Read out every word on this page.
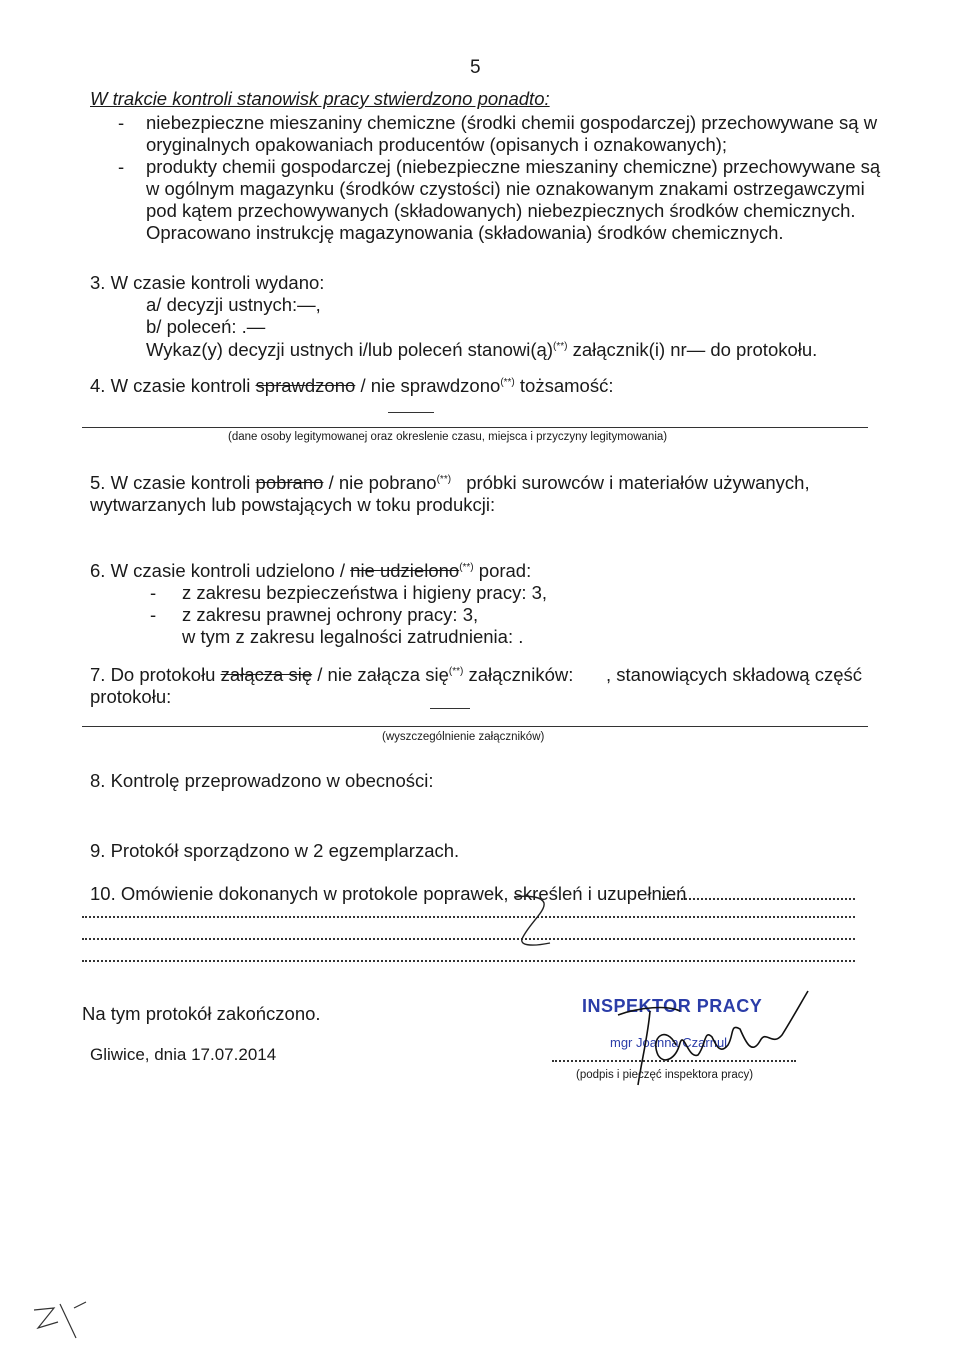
5
W trakcie kontroli stanowisk pracy stwierdzono ponadto:
- niebezpieczne mieszaniny chemiczne (środki chemii gospodarczej) przechowywane są w
oryginalnych opakowaniach producentów (opisanych i oznakowanych);
- produkty chemii gospodarczej (niebezpieczne mieszaniny chemiczne) przechowywane są
w ogólnym magazynku (środków czystości) nie oznakowanym znakami ostrzegawczymi
pod kątem przechowywanych (składowanych) niebezpiecznych środków chemicznych.
Opracowano instrukcję magazynowania (składowania) środków chemicznych.
3. W czasie kontroli wydano:
a/ decyzji ustnych:—,
b/ poleceń: .—
Wykaz(y) decyzji ustnych i/lub poleceń stanowi(ą)(**) załącznik(i) nr— do protokołu.
4. W czasie kontroli sprawdzono / nie sprawdzono(**) tożsamość:
(dane osoby legitymowanej oraz okreslenie czasu, miejsca i przyczyny legitymowania)
5. W czasie kontroli pobrano / nie pobrano(**) próbki surowców i materiałów używanych,
wytwarzanych lub powstających w toku produkcji:
6. W czasie kontroli udzielono / nie udzielono(**) porad:
- z zakresu bezpieczeństwa i higieny pracy: 3,
- z zakresu prawnej ochrony pracy: 3,
w tym z zakresu legalności zatrudnienia: .
7. Do protokołu załącza się / nie załącza się(**) załączników: , stanowiących składową część
protokołu:
(wyszczególnienie załączników)
8. Kontrolę przeprowadzono w obecności:
9. Protokół sporządzono w 2 egzemplarzach.
10. Omówienie dokonanych w protokole poprawek, skreśleń i uzupełnień
Na tym protokół zakończono.
Gliwice, dnia 17.07.2014
INSPEKTOR PRACY
mgr Joanna Czarnul
(podpis i pieczęć inspektora pracy)
